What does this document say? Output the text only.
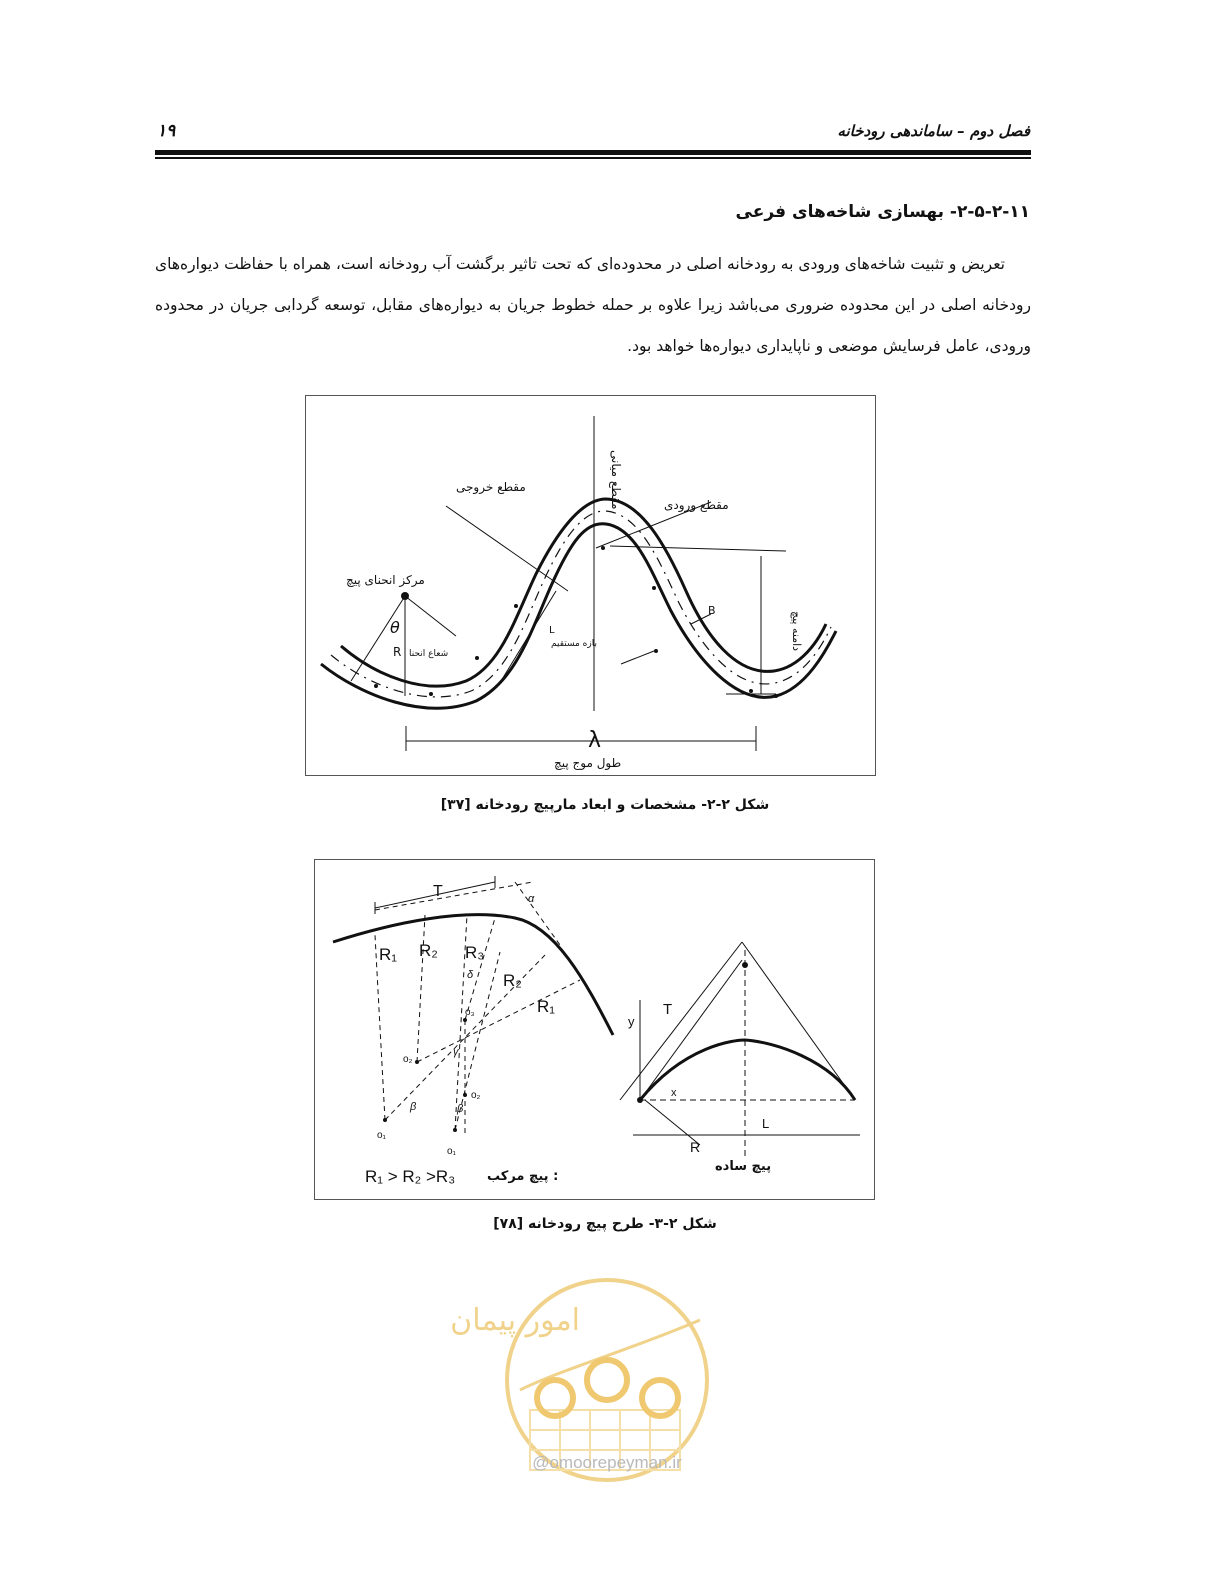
فصل دوم – ساماندهی رودخانه
۱۹
۲-۵-۲-۱۱- بهسازی شاخه‌های فرعی
تعریض و تثبیت شاخه‌های ورودی به رودخانه اصلی در محدوده‌ای که تحت تاثیر برگشت آب رودخانه است، همراه با حفاظت دیواره‌های رودخانه اصلی در این محدوده ضروری می‌باشد زیرا علاوه بر حمله خطوط جریان به دیواره‌های مقابل، توسعه گردابی جریان در محدوده ورودی، عامل فرسایش موضعی و ناپایداری دیواره‌ها خواهد بود.
مقطع میانی
مقطع خروجی
مقطع ورودی
مرکز انحنای پیچ
θ
R شعاع انحنا
L
بازه مستقیم
B
دامنه پیچ
λ
طول موج پیچ
شکل ۲-۲- مشخصات و ابعاد مارپیچ رودخانه [۳۷]
T	α
R₁ R₂ R₃
δ R₂
R₁
o₃
o₂
γ
o₂
β	β
o₁
o₁
R₁ > R₂ >R₃ پیچ مرکب :
y
T
x
L
R
پیچ ساده
شکل ۲-۳- طرح پیچ رودخانه [۷۸]
امور پیمان
@omoorepeyman.ir
